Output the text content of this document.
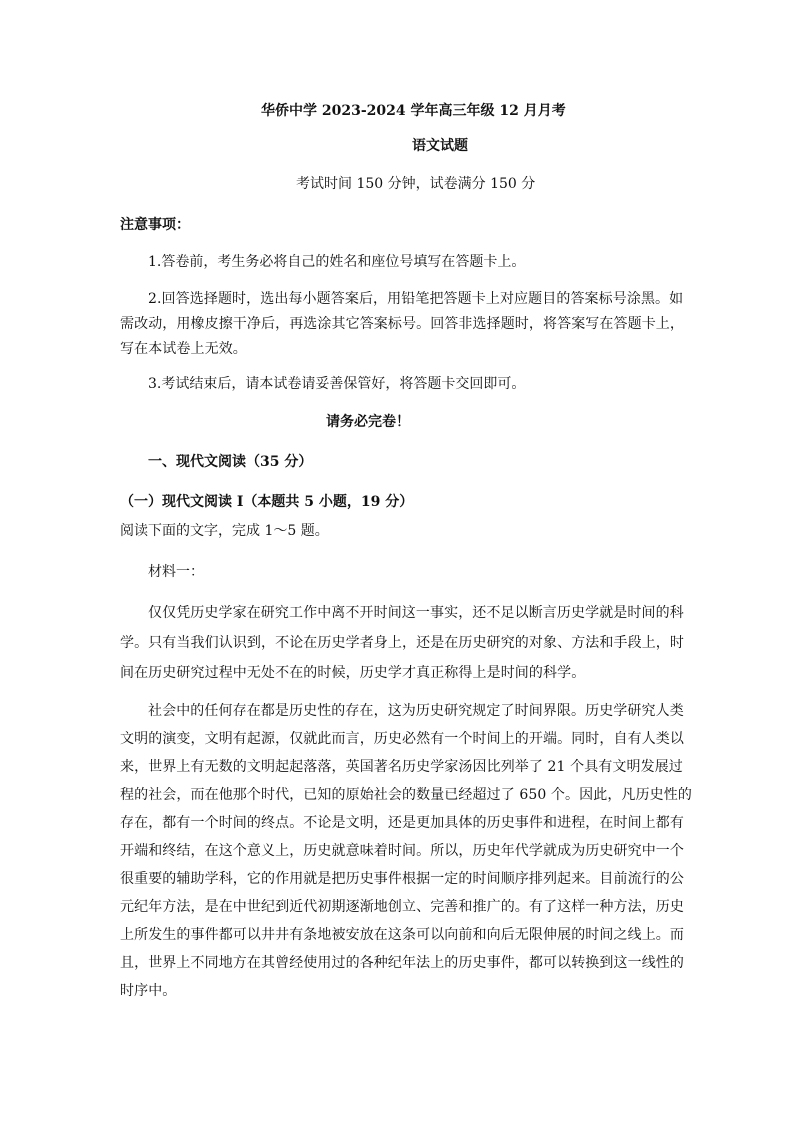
华侨中学 2023-2024 学年高三年级 12 月月考
语文试题
考试时间 150 分钟，试卷满分 150 分
注意事项：
1.答卷前，考生务必将自己的姓名和座位号填写在答题卡上。
2.回答选择题时，选出每小题答案后，用铅笔把答题卡上对应题目的答案标号涂黑。如
需改动，用橡皮擦干净后，再选涂其它答案标号。回答非选择题时，将答案写在答题卡上，
写在本试卷上无效。
3.考试结束后，请本试卷请妥善保管好，将答题卡交回即可。
请务必完卷！
一、现代文阅读（35 分）
（一）现代文阅读 I（本题共 5 小题，19 分）
阅读下面的文字，完成 1～5 题。
材料一：
仅仅凭历史学家在研究工作中离不开时间这一事实，还不足以断言历史学就是时间的科
学。只有当我们认识到，不论在历史学者身上，还是在历史研究的对象、方法和手段上，时
间在历史研究过程中无处不在的时候，历史学才真正称得上是时间的科学。
社会中的任何存在都是历史性的存在，这为历史研究规定了时间界限。历史学研究人类
文明的演变，文明有起源，仅就此而言，历史必然有一个时间上的开端。同时，自有人类以
来，世界上有无数的文明起起落落，英国著名历史学家汤因比列举了 21 个具有文明发展过
程的社会，而在他那个时代，已知的原始社会的数量已经超过了 650 个。因此，凡历史性的
存在，都有一个时间的终点。不论是文明，还是更加具体的历史事件和进程，在时间上都有
开端和终结，在这个意义上，历史就意味着时间。所以，历史年代学就成为历史研究中一个
很重要的辅助学科，它的作用就是把历史事件根据一定的时间顺序排列起来。目前流行的公
元纪年方法，是在中世纪到近代初期逐渐地创立、完善和推广的。有了这样一种方法，历史
上所发生的事件都可以井井有条地被安放在这条可以向前和向后无限伸展的时间之线上。而
且，世界上不同地方在其曾经使用过的各种纪年法上的历史事件，都可以转换到这一线性的
时序中。
